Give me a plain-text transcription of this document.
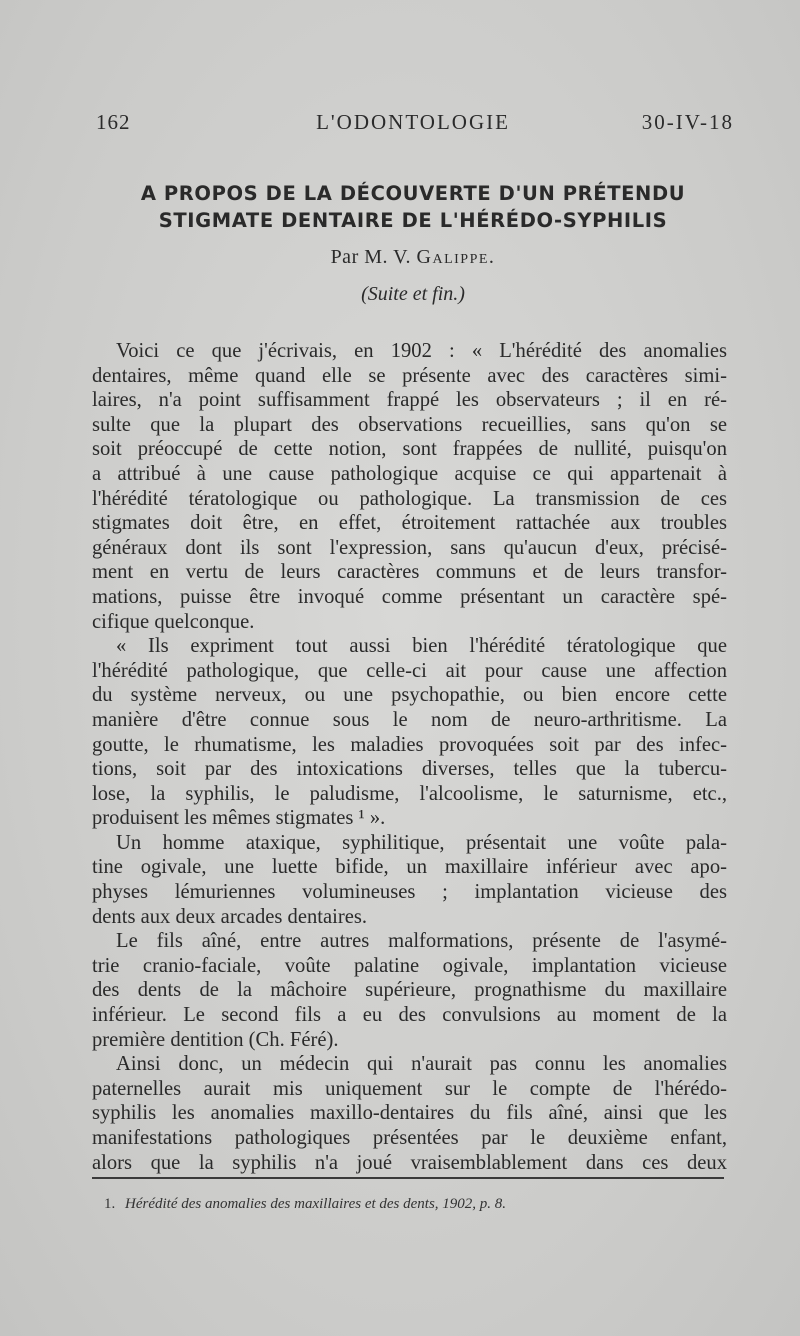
162	L'ODONTOLOGIE	30-IV-18
A PROPOS DE LA DÉCOUVERTE D'UN PRÉTENDU
STIGMATE DENTAIRE DE L'HÉRÉDO-SYPHILIS
Par M. V. Galippe.
(Suite et fin.)
Voici ce que j'écrivais, en 1902 : « L'hérédité des anomalies
dentaires, même quand elle se présente avec des caractères simi-
laires, n'a point suffisamment frappé les observateurs ; il en ré-
sulte que la plupart des observations recueillies, sans qu'on se
soit préoccupé de cette notion, sont frappées de nullité, puisqu'on
a attribué à une cause pathologique acquise ce qui appartenait à
l'hérédité tératologique ou pathologique. La transmission de ces
stigmates doit être, en effet, étroitement rattachée aux troubles
généraux dont ils sont l'expression, sans qu'aucun d'eux, précisé-
ment en vertu de leurs caractères communs et de leurs transfor-
mations, puisse être invoqué comme présentant un caractère spé-
cifique quelconque.
« Ils expriment tout aussi bien l'hérédité tératologique que
l'hérédité pathologique, que celle-ci ait pour cause une affection
du système nerveux, ou une psychopathie, ou bien encore cette
manière d'être connue sous le nom de neuro-arthritisme. La
goutte, le rhumatisme, les maladies provoquées soit par des infec-
tions, soit par des intoxications diverses, telles que la tubercu-
lose, la syphilis, le paludisme, l'alcoolisme, le saturnisme, etc.,
produisent les mêmes stigmates ¹ ».
Un homme ataxique, syphilitique, présentait une voûte pala-
tine ogivale, une luette bifide, un maxillaire inférieur avec apo-
physes lémuriennes volumineuses ; implantation vicieuse des
dents aux deux arcades dentaires.
Le fils aîné, entre autres malformations, présente de l'asymé-
trie cranio-faciale, voûte palatine ogivale, implantation vicieuse
des dents de la mâchoire supérieure, prognathisme du maxillaire
inférieur. Le second fils a eu des convulsions au moment de la
première dentition (Ch. Féré).
Ainsi donc, un médecin qui n'aurait pas connu les anomalies
paternelles aurait mis uniquement sur le compte de l'hérédo-
syphilis les anomalies maxillo-dentaires du fils aîné, ainsi que les
manifestations pathologiques présentées par le deuxième enfant,
alors que la syphilis n'a joué vraisemblablement dans ces deux
1. Hérédité des anomalies des maxillaires et des dents, 1902, p. 8.
